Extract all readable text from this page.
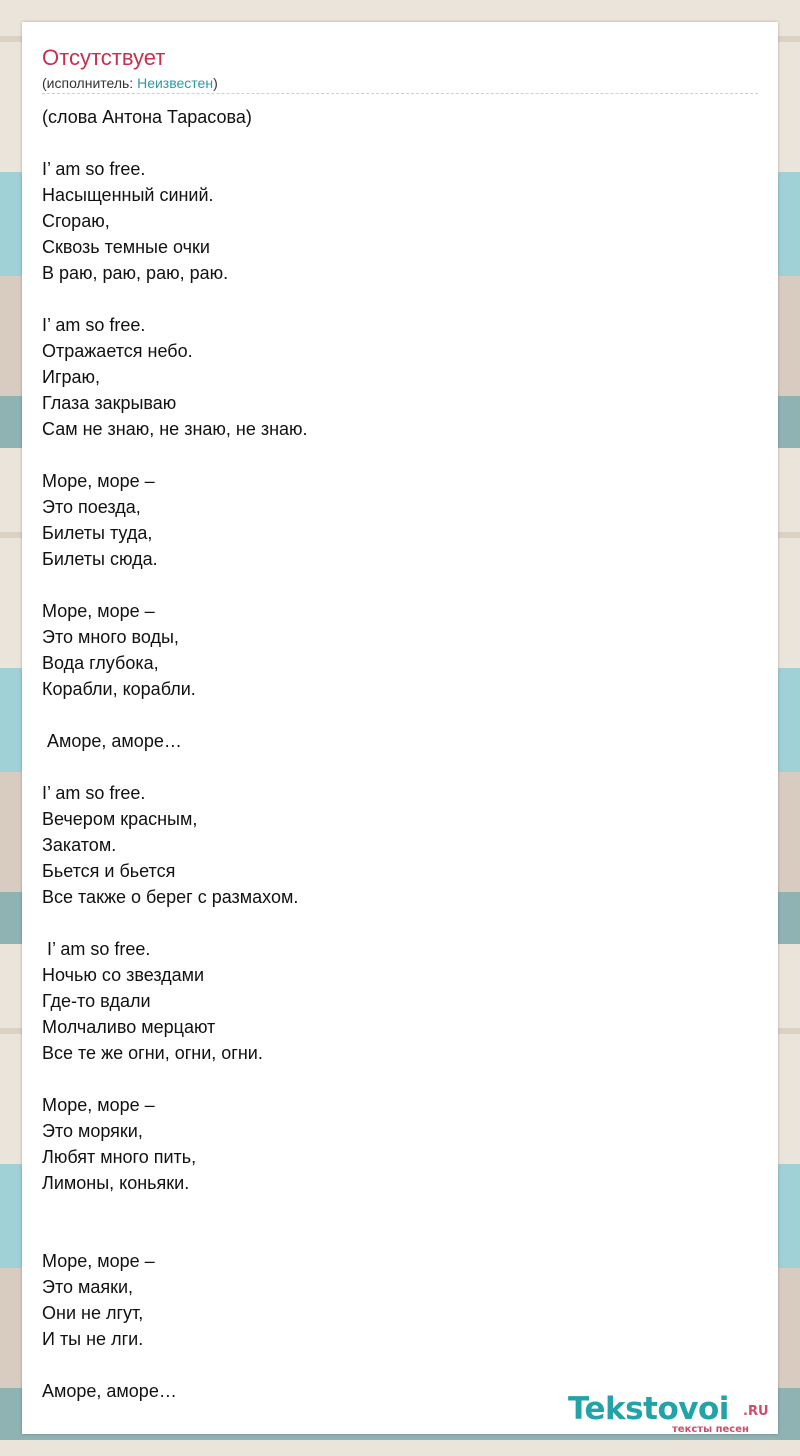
Отсутствует
(исполнитель: Неизвестен)
(слова Антона Тарасова)
I’ am so free.
Насыщенный синий.
Сгораю,
Сквозь темные очки
В раю, раю, раю, раю.
I’ am so free.
Отражается небо.
Играю,
Глаза закрываю
Сам не знаю, не знаю, не знаю.
Море, море –
Это поезда,
Билеты туда,
Билеты сюда.
Море, море –
Это много воды,
Вода глубока,
Корабли, корабли.
Аморе, аморе…
I’ am so free.
Вечером красным,
Закатом.
Бьется и бьется
Все также о берег с размахом.
I’ am so free.
Ночью со звездами
Где-то вдали
Молчаливо мерцают
Все те же огни, огни, огни.
Море, море –
Это моряки,
Любят много пить,
Лимоны, коньяки.
Море, море –
Это маяки,
Они не лгут,
И ты не лги.
Аморе, аморе…	Tekstovoi .RU
тексты песен
